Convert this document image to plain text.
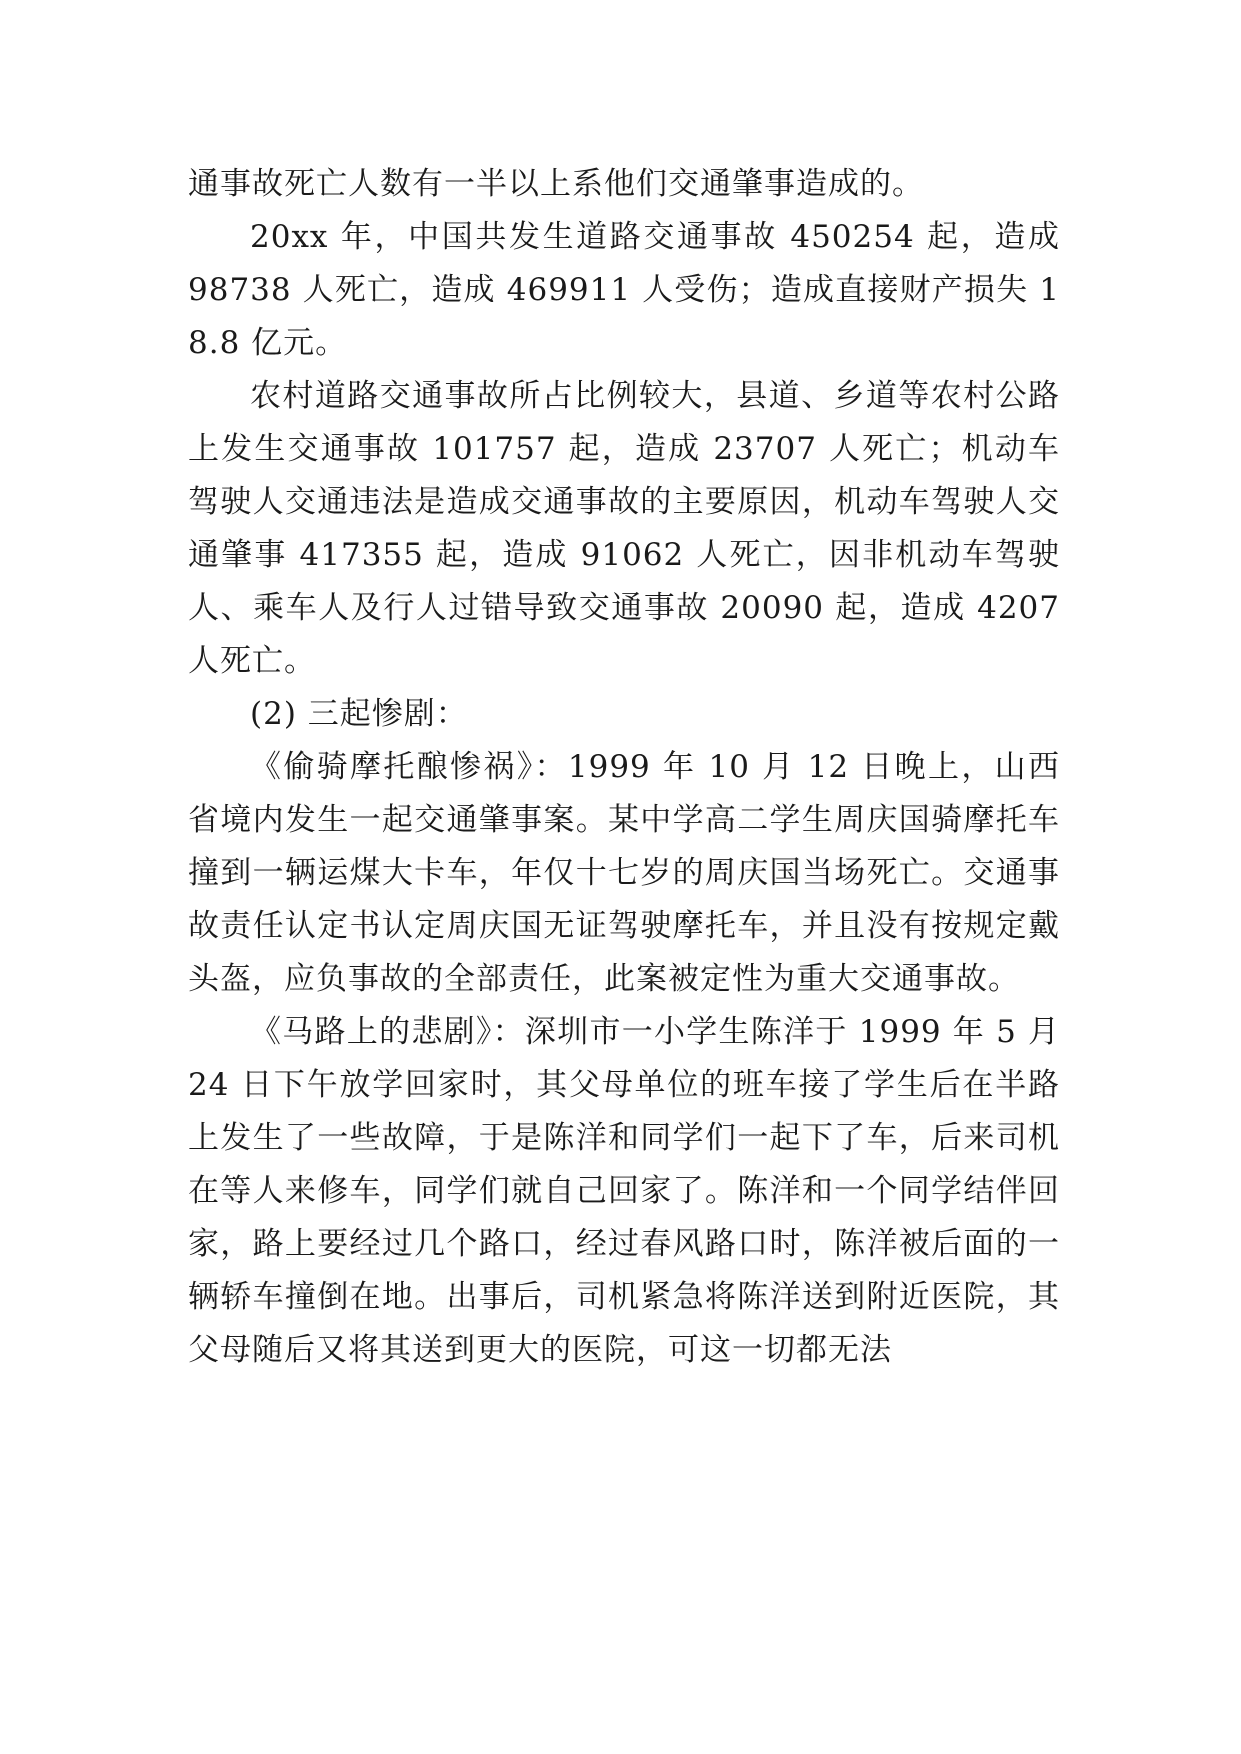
通事故死亡人数有一半以上系他们交通肇事造成的。

20xx 年，中国共发生道路交通事故 450254 起，造成 98738 人死亡，造成 469911 人受伤；造成直接财产损失 18.8 亿元。

农村道路交通事故所占比例较大，县道、乡道等农村公路上发生交通事故 101757 起，造成 23707 人死亡；机动车驾驶人交通违法是造成交通事故的主要原因，机动车驾驶人交通肇事 417355 起，造成 91062 人死亡，因非机动车驾驶人、乘车人及行人过错导致交通事故 20090 起，造成 4207 人死亡。

(2) 三起惨剧：

《偷骑摩托酿惨祸》：1999 年 10 月 12 日晚上，山西省境内发生一起交通肇事案。某中学高二学生周庆国骑摩托车撞到一辆运煤大卡车，年仅十七岁的周庆国当场死亡。交通事故责任认定书认定周庆国无证驾驶摩托车，并且没有按规定戴头盔，应负事故的全部责任，此案被定性为重大交通事故。

《马路上的悲剧》：深圳市一小学生陈洋于 1999 年 5 月 24 日下午放学回家时，其父母单位的班车接了学生后在半路上发生了一些故障，于是陈洋和同学们一起下了车，后来司机在等人来修车，同学们就自己回家了。陈洋和一个同学结伴回家，路上要经过几个路口，经过春风路口时，陈洋被后面的一辆轿车撞倒在地。出事后，司机紧急将陈洋送到附近医院，其父母随后又将其送到更大的医院，可这一切都无法
